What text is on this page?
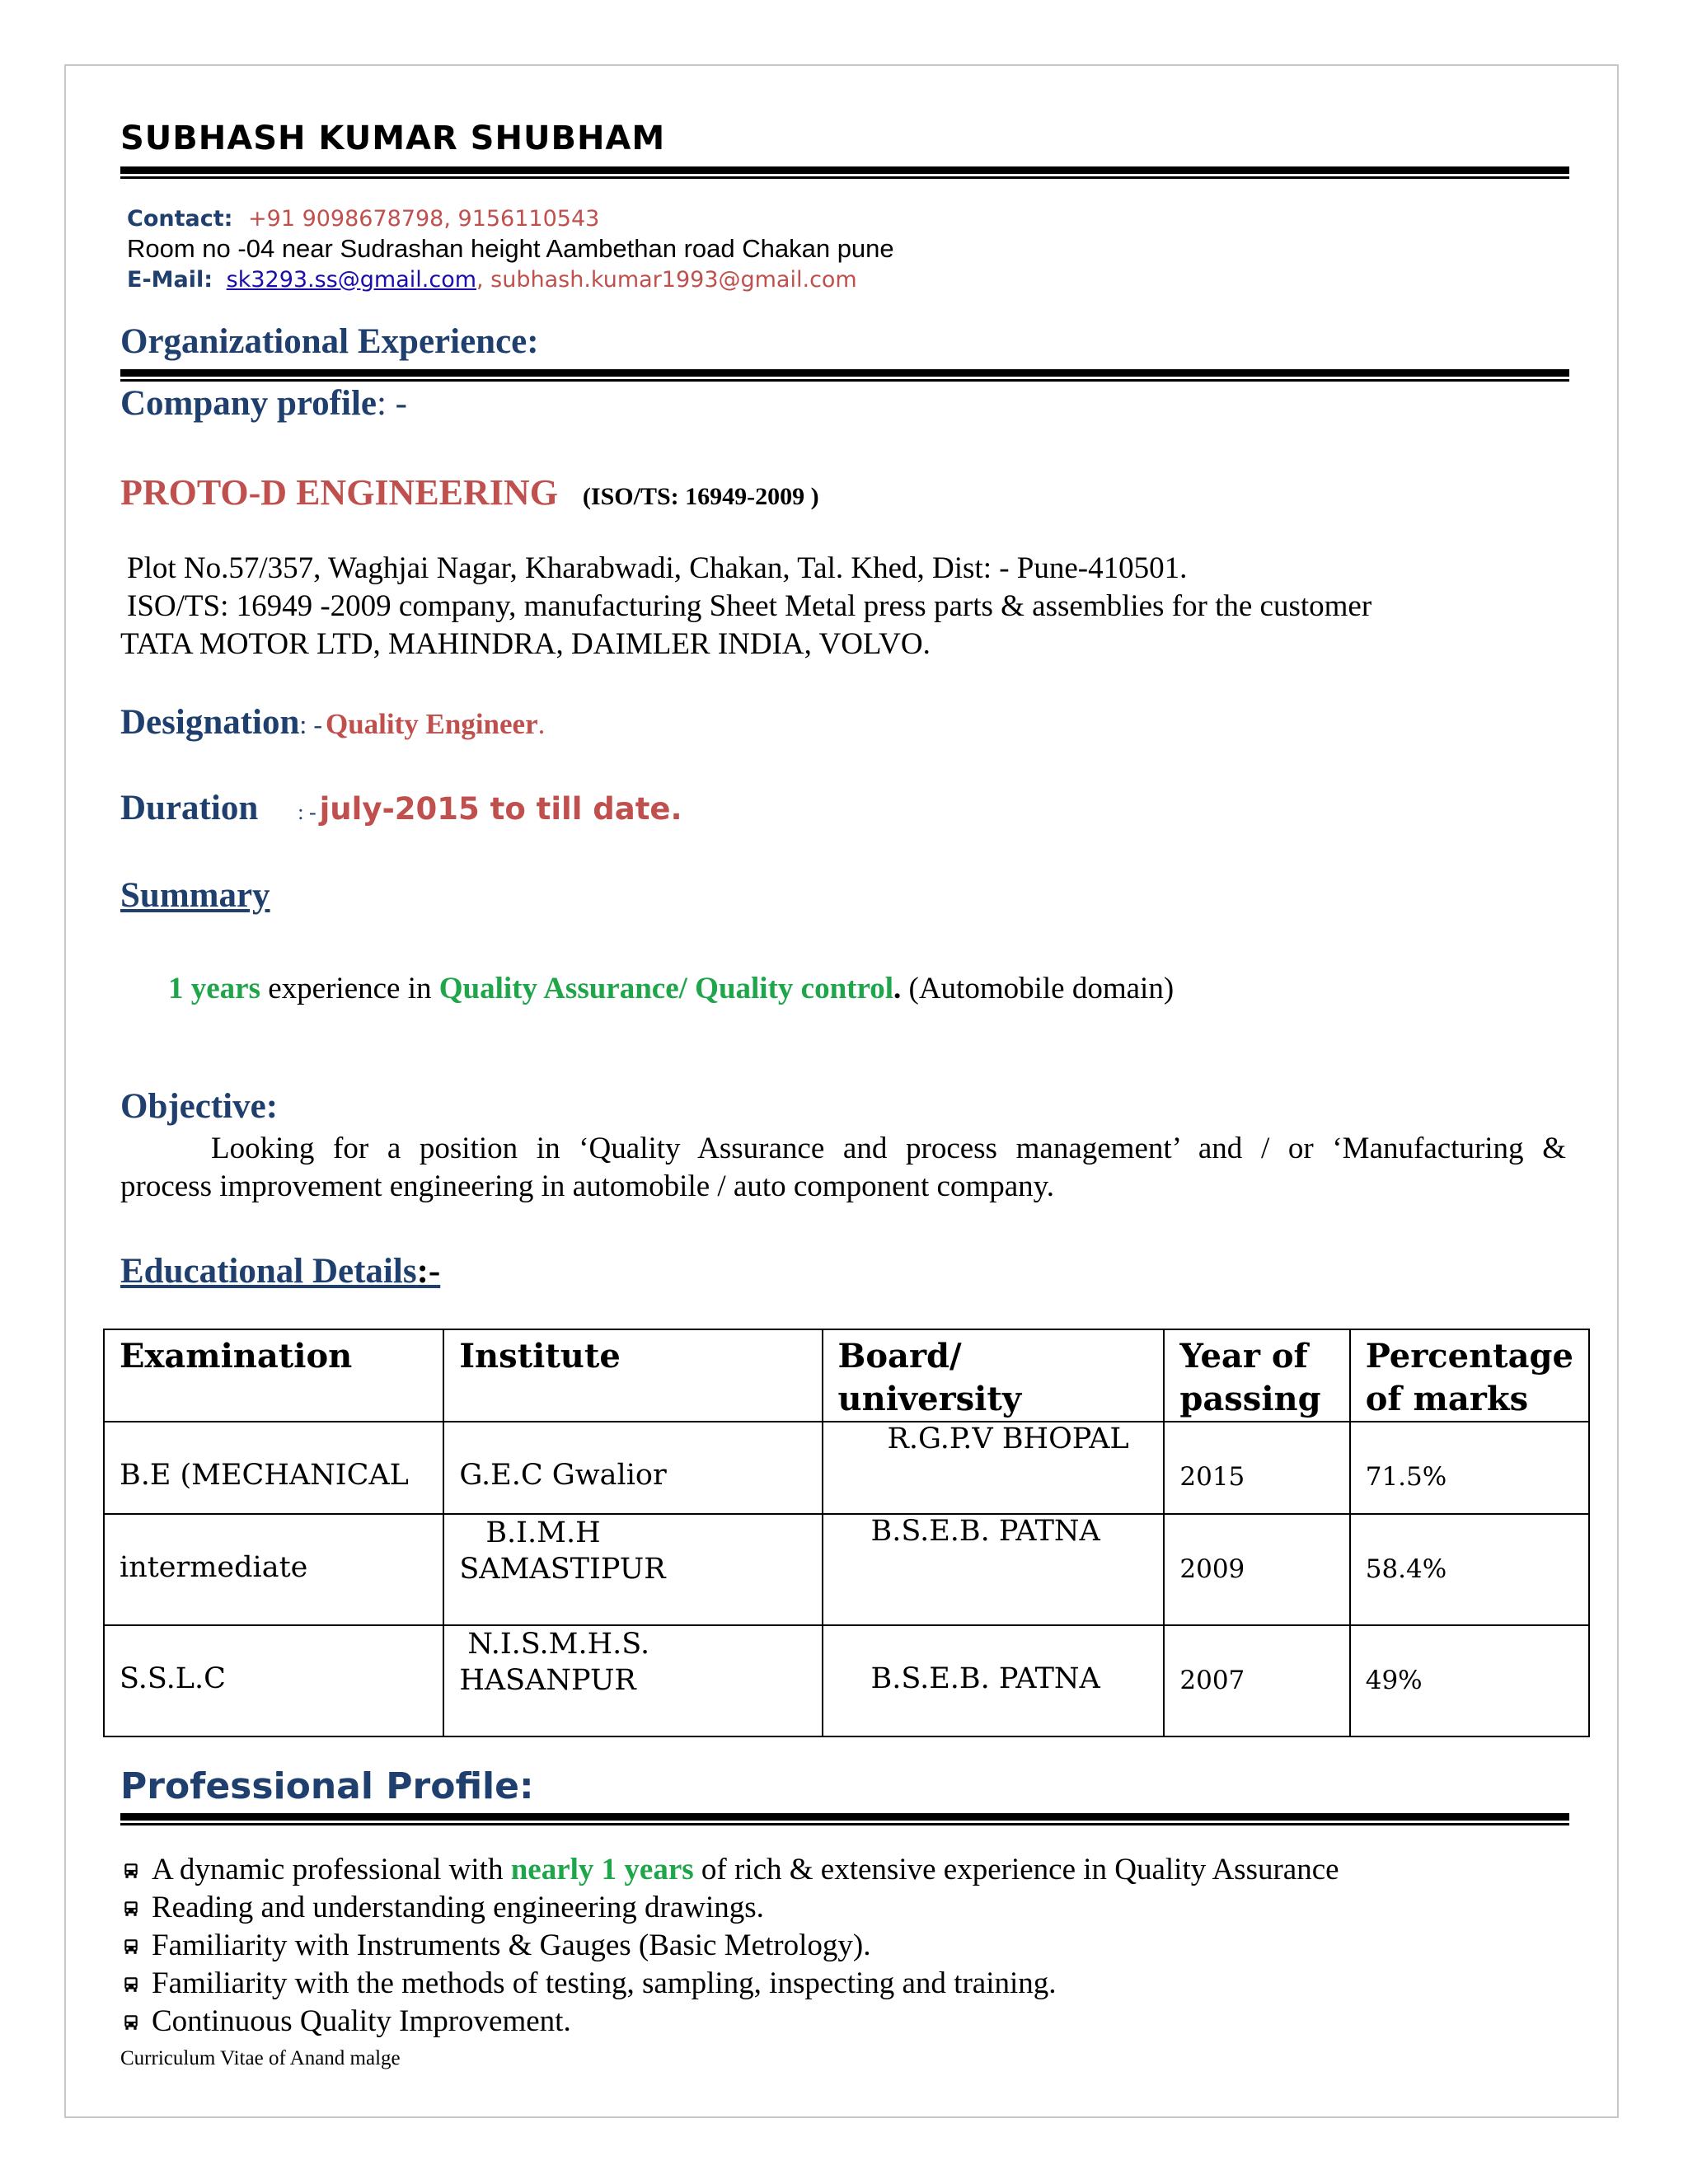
SUBHASH KUMAR SHUBHAM
Contact: +91 9098678798, 9156110543
Room no -04 near Sudrashan height Aambethan road Chakan pune
E-Mail: sk3293.ss@gmail.com, subhash.kumar1993@gmail.com
Organizational Experience:
Company profile: -
PROTO-D ENGINEERING (ISO/TS: 16949-2009 )
Plot No.57/357, Waghjai Nagar, Kharabwadi, Chakan, Tal. Khed, Dist: - Pune-410501.
ISO/TS: 16949 -2009 company, manufacturing Sheet Metal press parts & assemblies for the customer
TATA MOTOR LTD, MAHINDRA, DAIMLER INDIA, VOLVO.
Designation: - Quality Engineer.
Duration : - july-2015 to till date.
Summary
1 years experience in Quality Assurance/ Quality control. (Automobile domain)
Objective:
Looking for a position in ‘Quality Assurance and process management’ and / or ‘Manufacturing &
process improvement engineering in automobile / auto component company.
Educational Details:-
Examination	Institute	Board/ university	Year of passing	Percentage of marks

B.E (MECHANICAL	G.E.C Gwalior	R.G.P.V BHOPAL	2015	71.5%

intermediate	B.I.M.H
SAMASTIPUR	B.S.E.B. PATNA	2009	58.4%

S.S.L.C	N.I.S.M.H.S.
HASANPUR	B.S.E.B. PATNA	2007	49%
Professional Profile:
A dynamic professional with nearly 1 years of rich & extensive experience in Quality Assurance
Reading and understanding engineering drawings.
Familiarity with Instruments & Gauges (Basic Metrology).
Familiarity with the methods of testing, sampling, inspecting and training.
Continuous Quality Improvement.
Curriculum Vitae of Anand malge
